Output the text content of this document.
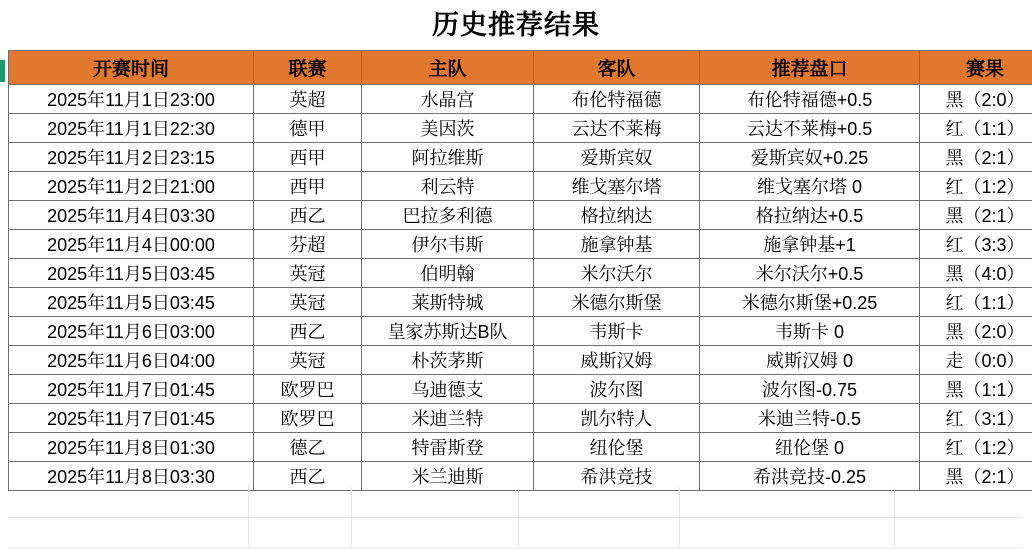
历史推荐结果
开赛时间	联赛	主队	客队	推荐盘口	赛果
2025年11月1日23:00	英超	水晶宫	布伦特福德	布伦特福德+0.5	黑（2:0）
2025年11月1日22:30	德甲	美因茨	云达不莱梅	云达不莱梅+0.5	红（1:1）
2025年11月2日23:15	西甲	阿拉维斯	爱斯宾奴	爱斯宾奴+0.25	黑（2:1）
2025年11月2日21:00	西甲	利云特	维戈塞尔塔	维戈塞尔塔 0	红（1:2）
2025年11月4日03:30	西乙	巴拉多利德	格拉纳达	格拉纳达+0.5	黑（2:1）
2025年11月4日00:00	芬超	伊尔韦斯	施拿钟基	施拿钟基+1	红（3:3）
2025年11月5日03:45	英冠	伯明翰	米尔沃尔	米尔沃尔+0.5	黑（4:0）
2025年11月5日03:45	英冠	莱斯特城	米德尔斯堡	米德尔斯堡+0.25	红（1:1）
2025年11月6日03:00	西乙	皇家苏斯达B队	韦斯卡	韦斯卡 0	黑（2:0）
2025年11月6日04:00	英冠	朴茨茅斯	威斯汉姆	威斯汉姆 0	走（0:0）
2025年11月7日01:45	欧罗巴	乌迪德支	波尔图	波尔图-0.75	黑（1:1）
2025年11月7日01:45	欧罗巴	米迪兰特	凯尔特人	米迪兰特-0.5	红（3:1）
2025年11月8日01:30	德乙	特雷斯登	纽伦堡	纽伦堡 0	红（1:2）
2025年11月8日03:30	西乙	米兰迪斯	希洪竞技	希洪竞技-0.25	黑（2:1）
